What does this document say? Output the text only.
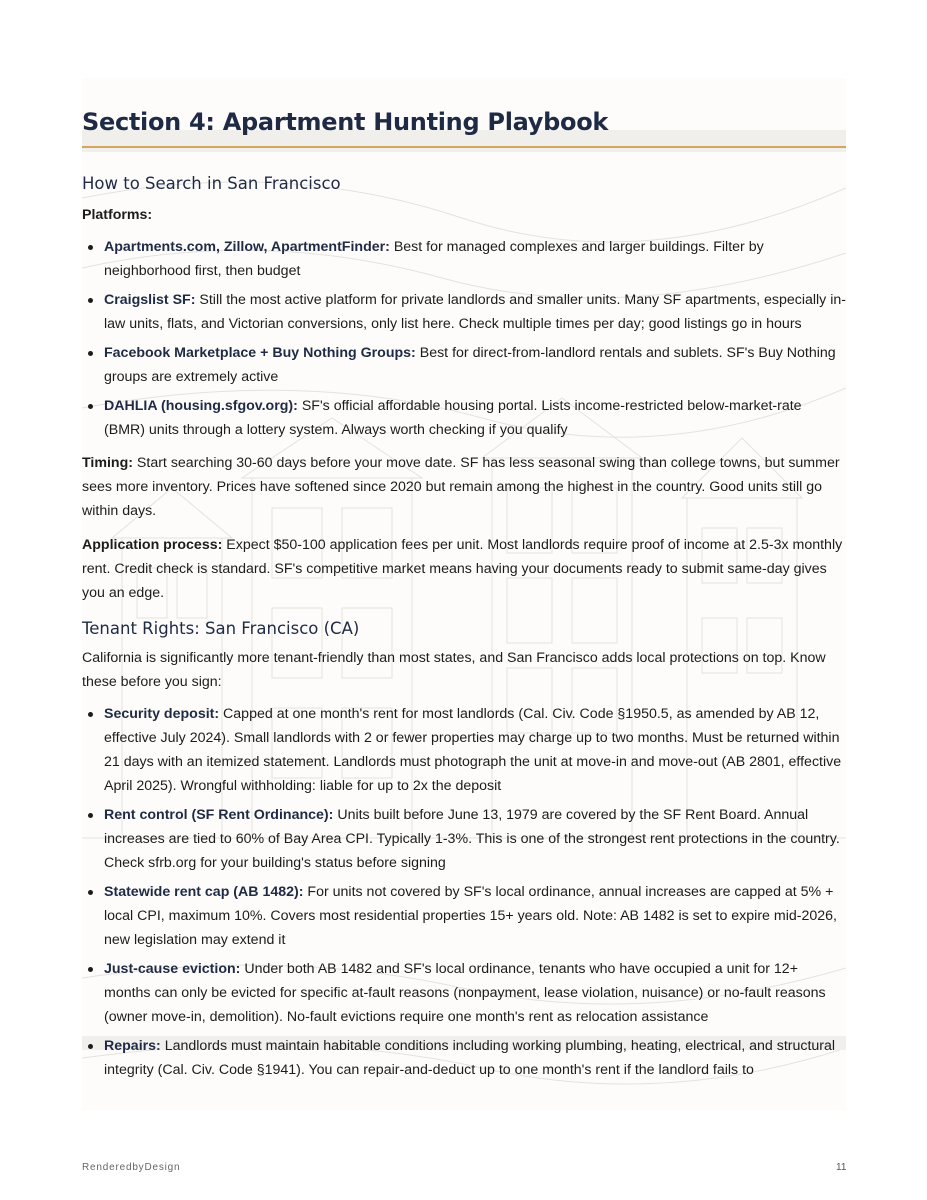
Section 4: Apartment Hunting Playbook
How to Search in San Francisco

Platforms:

Apartments.com, Zillow, ApartmentFinder: Best for managed complexes and larger buildings. Filter by neighborhood first, then budget
Craigslist SF: Still the most active platform for private landlords and smaller units. Many SF apartments, especially in-law units, flats, and Victorian conversions, only list here. Check multiple times per day; good listings go in hours
Facebook Marketplace + Buy Nothing Groups: Best for direct-from-landlord rentals and sublets. SF's Buy Nothing groups are extremely active
DAHLIA (housing.sfgov.org): SF's official affordable housing portal. Lists income-restricted below-market-rate (BMR) units through a lottery system. Always worth checking if you qualify

Timing: Start searching 30-60 days before your move date. SF has less seasonal swing than college towns, but summer sees more inventory. Prices have softened since 2020 but remain among the highest in the country. Good units still go within days.

Application process: Expect $50-100 application fees per unit. Most landlords require proof of income at 2.5-3x monthly rent. Credit check is standard. SF's competitive market means having your documents ready to submit same-day gives you an edge.

Tenant Rights: San Francisco (CA)

California is significantly more tenant-friendly than most states, and San Francisco adds local protections on top. Know these before you sign:

Security deposit: Capped at one month's rent for most landlords (Cal. Civ. Code §1950.5, as amended by AB 12, effective July 2024). Small landlords with 2 or fewer properties may charge up to two months. Must be returned within 21 days with an itemized statement. Landlords must photograph the unit at move-in and move-out (AB 2801, effective April 2025). Wrongful withholding: liable for up to 2x the deposit
Rent control (SF Rent Ordinance): Units built before June 13, 1979 are covered by the SF Rent Board. Annual increases are tied to 60% of Bay Area CPI. Typically 1-3%. This is one of the strongest rent protections in the country. Check sfrb.org for your building's status before signing
Statewide rent cap (AB 1482): For units not covered by SF's local ordinance, annual increases are capped at 5% + local CPI, maximum 10%. Covers most residential properties 15+ years old. Note: AB 1482 is set to expire mid-2026, new legislation may extend it
Just-cause eviction: Under both AB 1482 and SF's local ordinance, tenants who have occupied a unit for 12+ months can only be evicted for specific at-fault reasons (nonpayment, lease violation, nuisance) or no-fault reasons (owner move-in, demolition). No-fault evictions require one month's rent as relocation assistance
Repairs: Landlords must maintain habitable conditions including working plumbing, heating, electrical, and structural integrity (Cal. Civ. Code §1941). You can repair-and-deduct up to one month's rent if the landlord fails to
RenderedbyDesign	11
